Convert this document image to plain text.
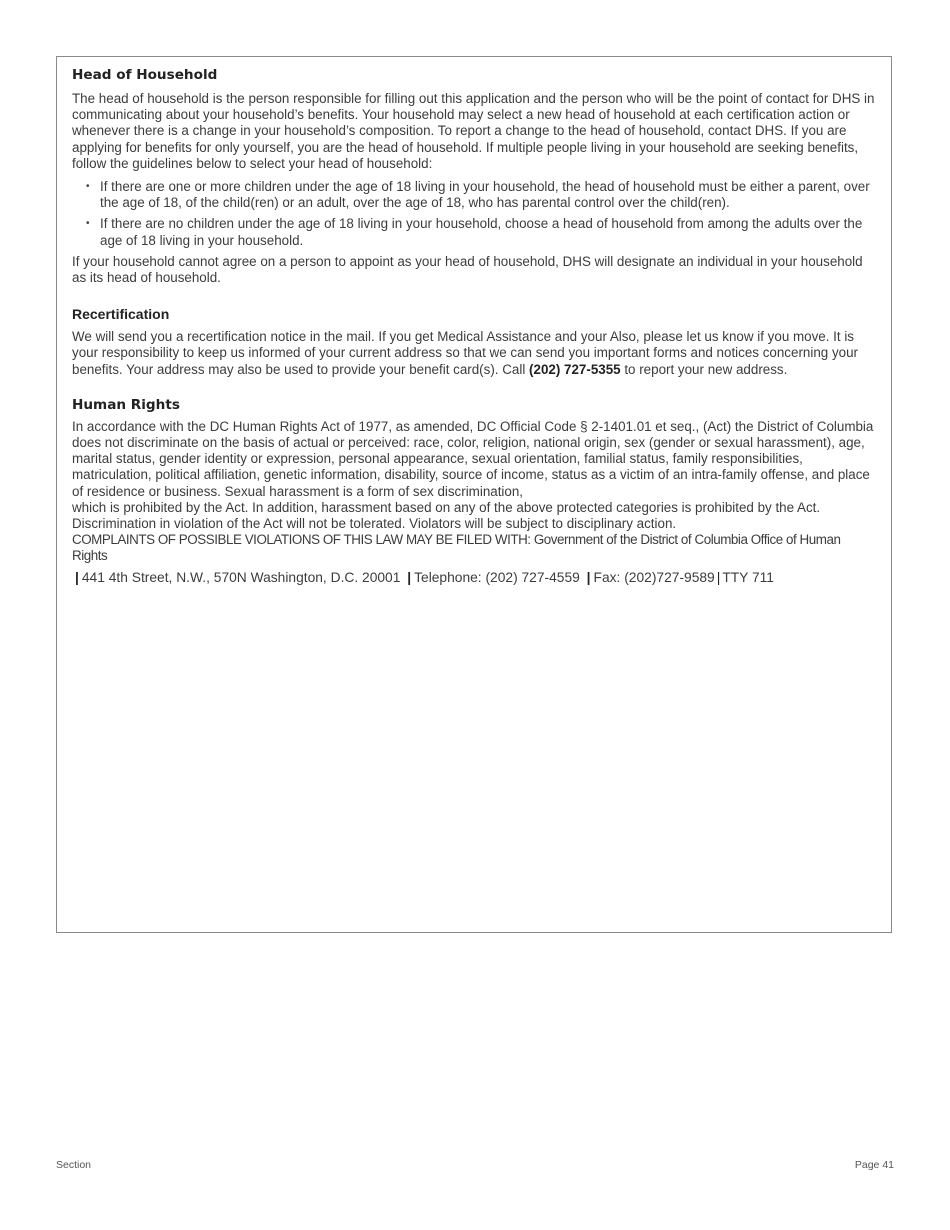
Head of Household

The head of household is the person responsible for filling out this application and the person who will be the point of contact for DHS in communicating about your household’s benefits. Your household may select a new head of household at each certification action or whenever there is a change in your household’s composition. To report a change to the head of household, contact DHS. If you are applying for benefits for only yourself, you are the head of household. If multiple people living in your household are seeking benefits, follow the guidelines below to select your head of household:

• If there are one or more children under the age of 18 living in your household, the head of household must be either a parent, over the age of 18, of the child(ren) or an adult, over the age of 18, who has parental control over the child(ren).
• If there are no children under the age of 18 living in your household, choose a head of household from among the adults over the age of 18 living in your household.

If your household cannot agree on a person to appoint as your head of household, DHS will designate an individual in your household as its head of household.

Recertification

We will send you a recertification notice in the mail. If you get Medical Assistance and your Also, please let us know if you move. It is your responsibility to keep us informed of your current address so that we can send you important forms and notices concerning your benefits. Your address may also be used to provide your benefit card(s). Call (202) 727-5355 to report your new address.

Human Rights

In accordance with the DC Human Rights Act of 1977, as amended, DC Official Code § 2-1401.01 et seq., (Act) the District of Columbia does not discriminate on the basis of actual or perceived: race, color, religion, national origin, sex (gender or sexual harassment), age, marital status, gender identity or expression, personal appearance, sexual orientation, familial status, family responsibilities, matriculation, political affiliation, genetic information, disability, source of income, status as a victim of an intra-family offense, and place of residence or business. Sexual harassment is a form of sex discrimination,

which is prohibited by the Act. In addition, harassment based on any of the above protected categories is prohibited by the Act. Discrimination in violation of the Act will not be tolerated. Violators will be subject to disciplinary action.

COMPLAINTS OF POSSIBLE VIOLATIONS OF THIS LAW MAY BE FILED WITH: Government of the District of Columbia Office of Human Rights

| 441 4th Street, N.W., 570N Washington, D.C. 20001 | Telephone: (202) 727-4559 | Fax: (202)727-9589 | TTY 711
Section	Page 41
